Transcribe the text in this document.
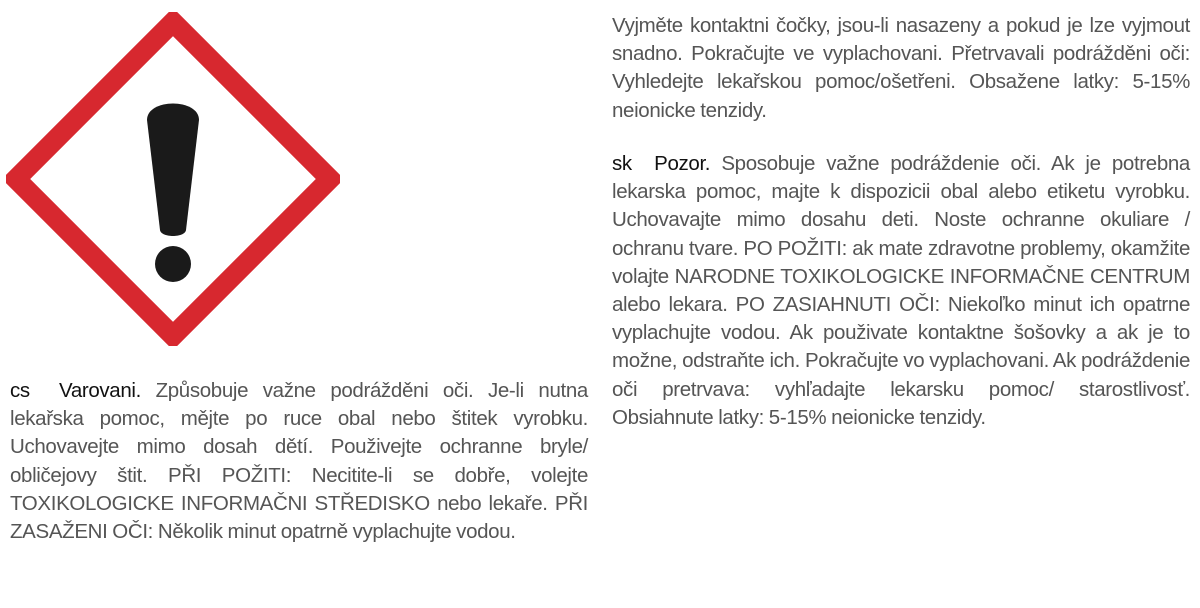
cs Varovani. Způsobuje važne podrážděni oči. Je-li nutna lekařska pomoc, mějte po ruce obal nebo štitek vyrobku. Uchovavejte mimo dosah dětí. Použivejte ochranne bryle/ obličejovy štit. PŘI POŽITI: Necitite-li se dobře, volejte TOXIKOLOGICKE INFORMAČNI STŘEDISKO nebo lekaře. PŘI ZASAŽENI OČI: Několik minut opatrně vyplachujte vodou.
Vyjměte kontaktni čočky, jsou-li nasazeny a pokud je lze vyjmout snadno. Pokračujte ve vyplachovani. Přetrvavali podrážděni oči: Vyhledejte lekařskou pomoc/ošetřeni. Obsažene latky: 5-15% neionicke tenzidy.
sk Pozor. Sposobuje važne podráždenie oči. Ak je potrebna lekarska pomoc, majte k dispozicii obal alebo etiketu vyrobku. Uchovavajte mimo dosahu deti. Noste ochranne okuliare / ochranu tvare. PO POŽITI: ak mate zdravotne problemy, okamžite volajte NARODNE TOXIKOLOGICKE INFORMAČNE CENTRUM alebo lekara. PO ZASIAHNUTI OČI: Niekoľko minut ich opatrne vyplachujte vodou. Ak použivate kontaktne šošovky a ak je to možne, odstraňte ich. Pokračujte vo vyplachovani. Ak podráždenie oči pretrvava: vyhľadajte lekarsku pomoc/ starostlivosť. Obsiahnute latky: 5-15% neionicke tenzidy.
